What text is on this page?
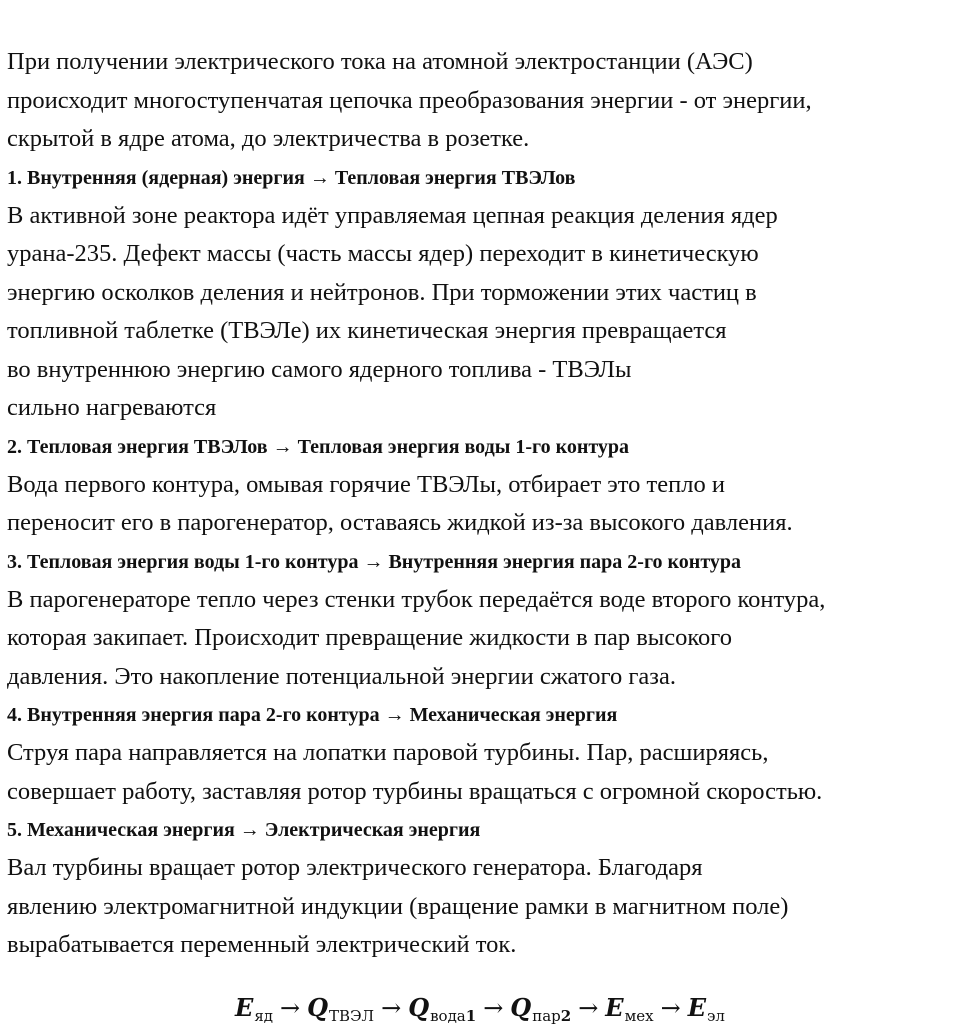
При получении электрического тока на атомной электростанции (АЭС)
происходит многоступенчатая цепочка преобразования энергии - от энергии,
скрытой в ядре атома, до электричества в розетке.

1. Внутренняя (ядерная) энергия → Тепловая энергия ТВЭЛов

В активной зоне реактора идёт управляемая цепная реакция деления ядер
урана-235. Дефект массы (часть массы ядер) переходит в кинетическую
энергию осколков деления и нейтронов. При торможении этих частиц в
топливной таблетке (ТВЭЛе) их кинетическая энергия превращается
во внутреннюю энергию самого ядерного топлива - ТВЭЛы
сильно нагреваются

2. Тепловая энергия ТВЭЛов → Тепловая энергия воды 1-го контура

Вода первого контура, омывая горячие ТВЭЛы, отбирает это тепло и
переносит его в парогенератор, оставаясь жидкой из-за высокого давления.

3. Тепловая энергия воды 1-го контура → Внутренняя энергия пара 2-го контура

В парогенераторе тепло через стенки трубок передаётся воде второго контура,
которая закипает. Происходит превращение жидкости в пар высокого
давления. Это накопление потенциальной энергии сжатого газа.

4. Внутренняя энергия пара 2-го контура → Механическая энергия

Струя пара направляется на лопатки паровой турбины. Пар, расширяясь,
совершает работу, заставляя ротор турбины вращаться с огромной скоростью.

5. Механическая энергия → Электрическая энергия

Вал турбины вращает ротор электрического генератора. Благодаря
явлению электромагнитной индукции (вращение рамки в магнитном поле)
вырабатывается переменный электрический ток.

$E_{яд} \to Q_{ТВЭЛ} \to Q_{вода1} \to Q_{пар2} \to E_{мех} \to E_{эл}$
